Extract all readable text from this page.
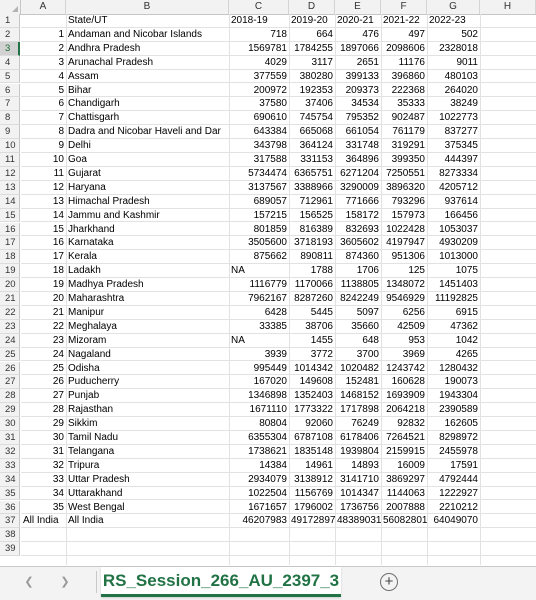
A	B	C	D	E	F	G	H
1	State/UT	2018-19	2019-20 2020-21 2021-22 2022-23
2	1 Andaman and Nicobar Islands	718	664	476	497	502
3	2 Andhra Pradesh	1569781 1784255 1897066 2098606	2328018
4	3 Arunachal Pradesh	4029	3117	2651	11176	9011
5	4 Assam	377559	380280	399133	396860	480103
6	5 Bihar	200972	192353	209373	222368	264020
7	6 Chandigarh	37580	37406	34534	35333	38249
8	7 Chattisgarh	690610	745754	795352	902487	1022773
9	8 Dadra and Nicobar Haveli and Dar	643384	665068	661054	761179	837277
10	9 Delhi	343798	364124	331748	319291	375345
11	10 Goa	317588	331153	364896	399350	444397
12	11 Gujarat	5734474 6365751 6271204 7250551	8273334
13	12 Haryana	3137567 3388966 3290009 3896320	4205712
14	13 Himachal Pradesh	689057	712961	771666	793296	937614
15	14 Jammu and Kashmir	157215	156525	158172	157973	166456
16	15 Jharkhand	801859	816389	832693 1022428	1053037
17	16 Karnataka	3505600 3718193 3605602 4197947	4930209
18	17 Kerala	875662	890811	874360	951306	1013000
19	18 Ladakh	NA	1788	1706	125	1075
20	19 Madhya Pradesh	1116779 1170066 1138805 1348072	1451403
21	20 Maharashtra	7962167 8287260 8242249 9546929 11192825
22	21 Manipur	6428	5445	5097	6256	6915
23	22 Meghalaya	33385	38706	35660	42509	47362
24	23 Mizoram	NA	1455	648	953	1042
25	24 Nagaland	3939	3772	3700	3969	4265
26	25 Odisha	995449 1014342 1020482 1243742	1280432
27	26 Puducherry	167020	149608	152481	160628	190073
28	27 Punjab	1346898 1352403 1468152 1693909	1943304
29	28 Rajasthan	1671110 1773322 1717898 2064218	2390589
30	29 Sikkim	80804	92060	76249	92832	162605
31	30 Tamil Nadu	6355304 6787108 6178406 7264521	8298972
32	31 Telangana	1738621 1835148 1939804 2159915	2455978
33	32 Tripura	14384	14961	14893	16009	17591
34	33 Uttar Pradesh	2934079 3138912 3141710 3869297	4792444
35	34 Uttarakhand	1022504 1156769 1014347 1144063	1222927
36	35 West Bengal	1671657 1796002 1736756 2007888	2210212
37 All India All India	46207983 49172897 48389031 56082801 64049070
38
39
❮ ❯ RS_Session_266_AU_2397_3	+
